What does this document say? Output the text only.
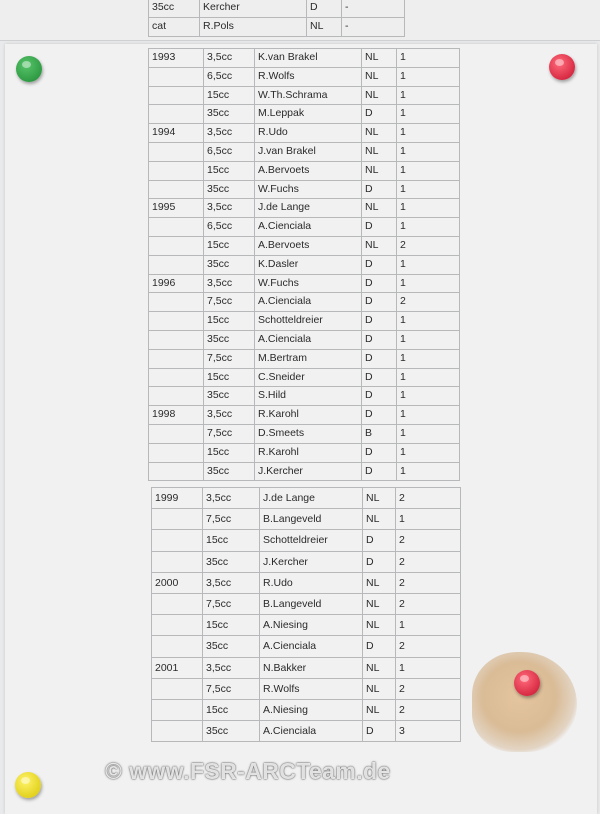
35cc	Kercher	D	-
cat	R.Pols	NL	-
1993	3,5cc	K.van Brakel	NL	1
	6,5cc	R.Wolfs	NL	1
	15cc	W.Th.Schrama	NL	1
	35cc	M.Leppak	D	1
1994	3,5cc	R.Udo	NL	1
	6,5cc	J.van Brakel	NL	1
	15cc	A.Bervoets	NL	1
	35cc	W.Fuchs	D	1
1995	3,5cc	J.de Lange	NL	1
	6,5cc	A.Cienciala	D	1
	15cc	A.Bervoets	NL	2
	35cc	K.Dasler	D	1
1996	3,5cc	W.Fuchs	D	1
	7,5cc	A.Cienciala	D	2
	15cc	Schotteldreier	D	1
	35cc	A.Cienciala	D	1
	7,5cc	M.Bertram	D	1
	15cc	C.Sneider	D	1
	35cc	S.Hild	D	1
1998	3,5cc	R.Karohl	D	1
	7,5cc	D.Smeets	B	1
	15cc	R.Karohl	D	1
	35cc	J.Kercher	D	1
1999	3,5cc	J.de Lange	NL	2
	7,5cc	B.Langeveld	NL	1
	15cc	Schotteldreier	D	2
	35cc	J.Kercher	D	2
2000	3,5cc	R.Udo	NL	2
	7,5cc	B.Langeveld	NL	2
	15cc	A.Niesing	NL	1
	35cc	A.Cienciala	D	2
2001	3,5cc	N.Bakker	NL	1
	7,5cc	R.Wolfs	NL	2
	15cc	A.Niesing	NL	2
	35cc	A.Cienciala	D	3
© www.FSR-ARCTeam.de
